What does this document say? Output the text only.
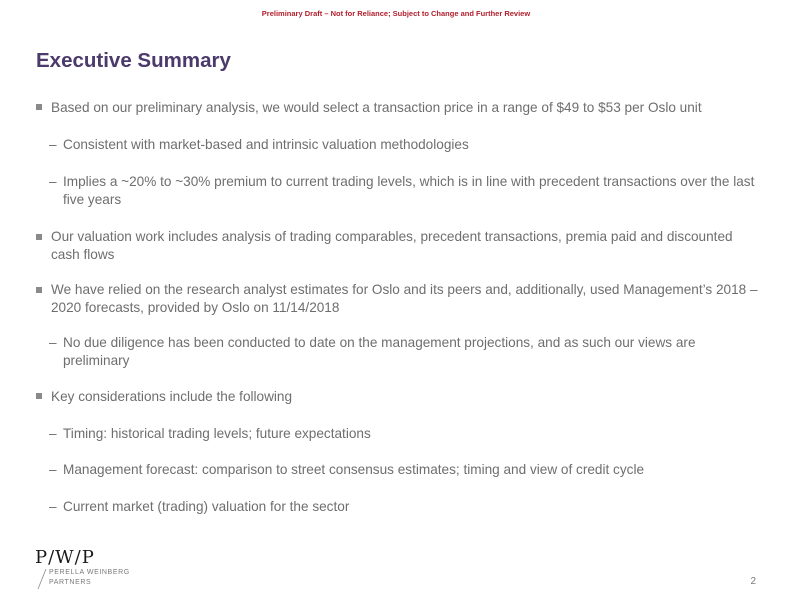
Preliminary Draft – Not for Reliance; Subject to Change and Further Review
Executive Summary
Based on our preliminary analysis, we would select a transaction price in a range of $49 to $53 per Oslo unit
– Consistent with market-based and intrinsic valuation methodologies
– Implies a ~20% to ~30% premium to current trading levels, which is in line with precedent transactions over the last five years
Our valuation work includes analysis of trading comparables, precedent transactions, premia paid and discounted cash flows
We have relied on the research analyst estimates for Oslo and its peers and, additionally, used Management’s 2018 – 2020 forecasts, provided by Oslo on 11/14/2018
– No due diligence has been conducted to date on the management projections, and as such our views are preliminary
Key considerations include the following
– Timing: historical trading levels; future expectations
– Management forecast: comparison to street consensus estimates; timing and view of credit cycle
– Current market (trading) valuation for the sector
P/W/P
PERELLA WEINBERG
PARTNERS	2
